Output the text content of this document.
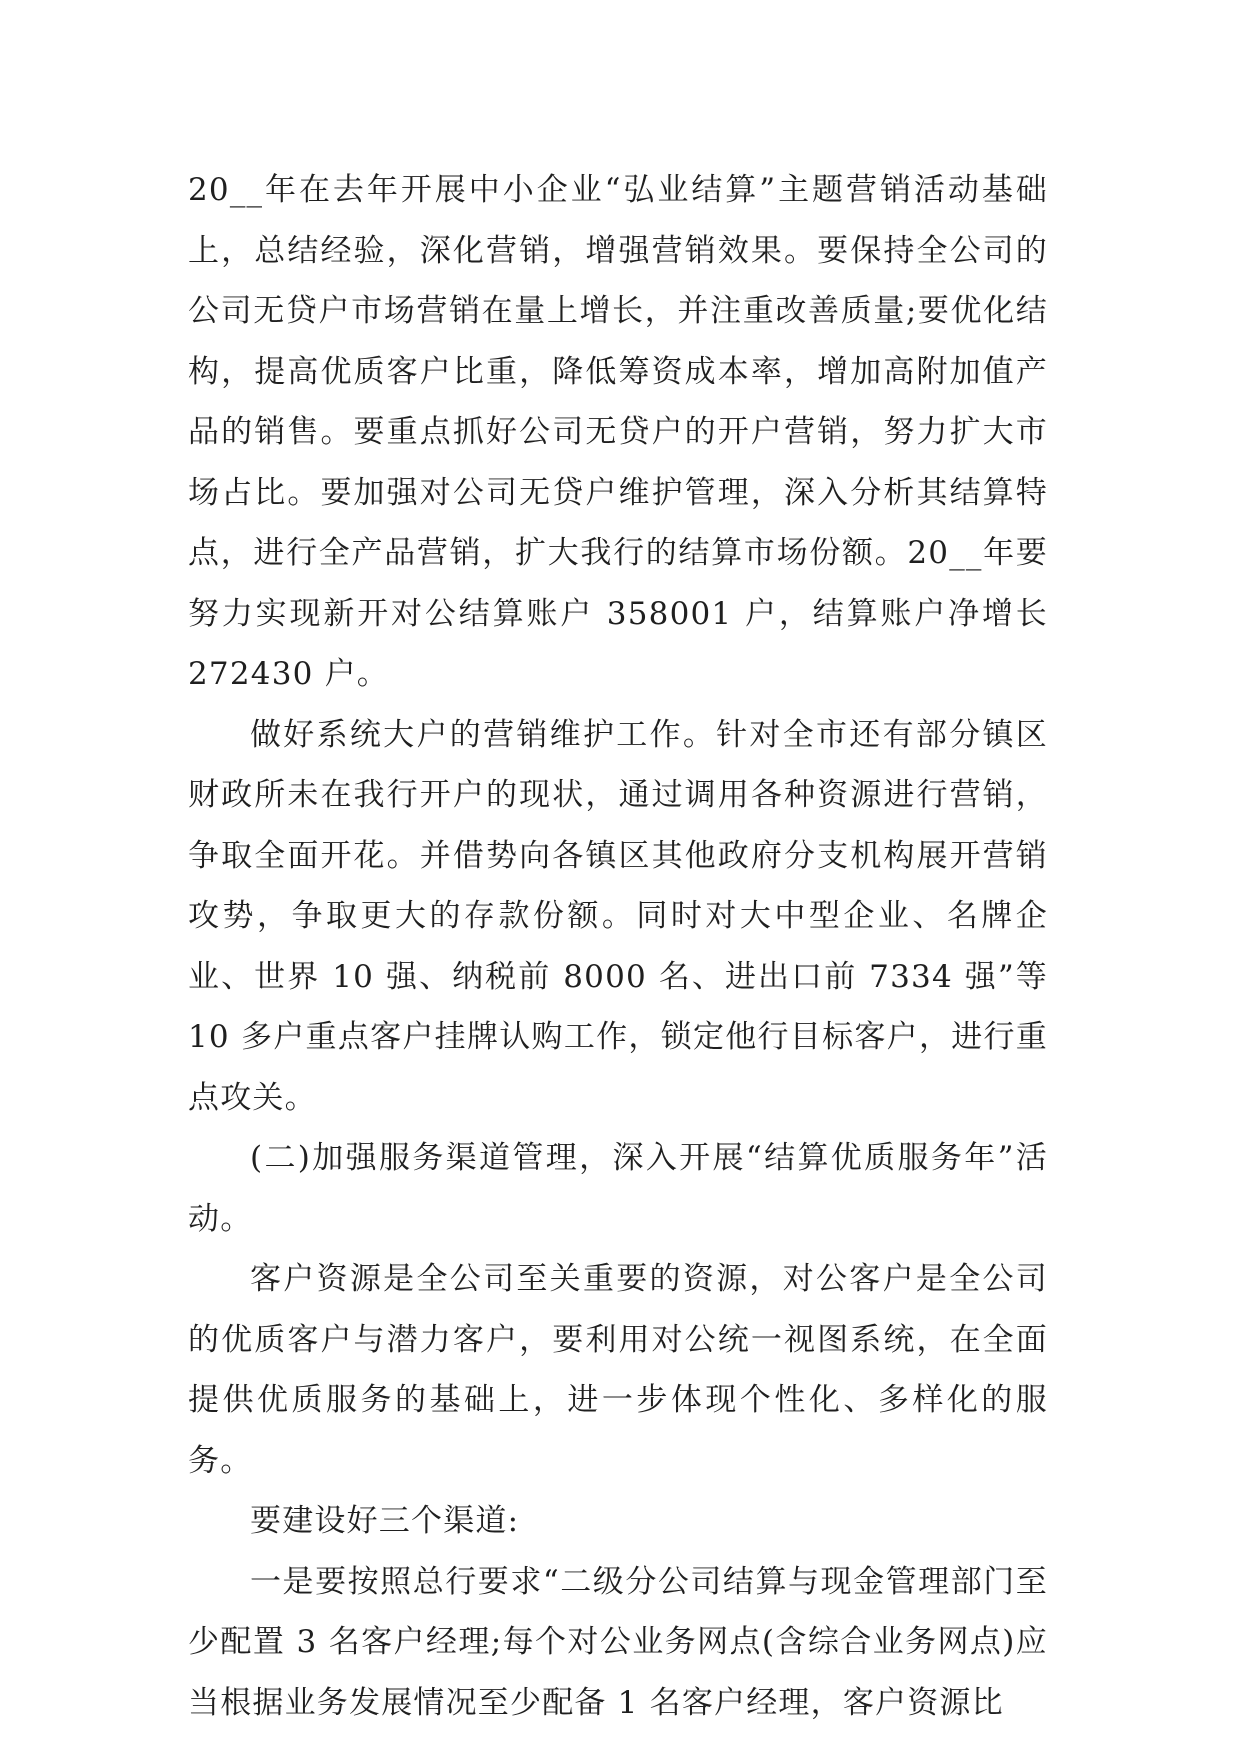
20__年在去年开展中小企业“弘业结算”主题营销活动基础上，总结经验，深化营销，增强营销效果。要保持全公司的公司无贷户市场营销在量上增长，并注重改善质量;要优化结构，提高优质客户比重，降低筹资成本率，增加高附加值产品的销售。要重点抓好公司无贷户的开户营销，努力扩大市场占比。要加强对公司无贷户维护管理，深入分析其结算特点，进行全产品营销，扩大我行的结算市场份额。20__年要努力实现新开对公结算账户 358001 户，结算账户净增长272430 户。

做好系统大户的营销维护工作。针对全市还有部分镇区财政所未在我行开户的现状，通过调用各种资源进行营销，争取全面开花。并借势向各镇区其他政府分支机构展开营销攻势，争取更大的存款份额。同时对大中型企业、名牌企业、世界 10 强、纳税前 8000 名、进出口前 7334 强”等 10 多户重点客户挂牌认购工作，锁定他行目标客户，进行重点攻关。

(二)加强服务渠道管理，深入开展“结算优质服务年”活动。

客户资源是全公司至关重要的资源，对公客户是全公司的优质客户与潜力客户，要利用对公统一视图系统，在全面提供优质服务的基础上，进一步体现个性化、多样化的服务。

要建设好三个渠道:

一是要按照总行要求“二级分公司结算与现金管理部门至少配置 3 名客户经理;每个对公业务网点(含综合业务网点)应当根据业务发展情况至少配备 1 名客户经理，客户资源比
